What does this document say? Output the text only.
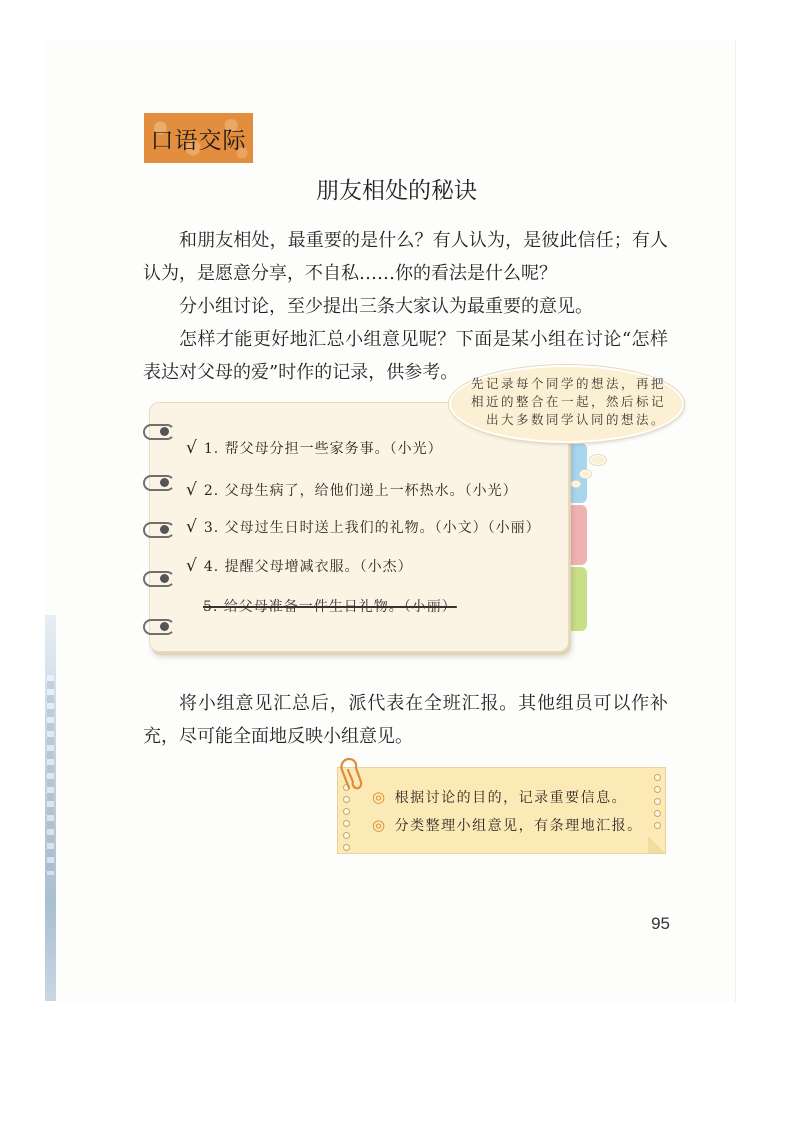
口语交际
朋友相处的秘诀
和朋友相处，最重要的是什么？有人认为，是彼此信任；有人认为，是愿意分享，不自私……你的看法是什么呢？
分小组讨论，至少提出三条大家认为最重要的意见。
怎样才能更好地汇总小组意见呢？下面是某小组在讨论“怎样表达对父母的爱”时作的记录，供参考。
√ 1. 帮父母分担一些家务事。（小光）
√ 2. 父母生病了，给他们递上一杯热水。（小光）
√ 3. 父母过生日时送上我们的礼物。（小文）（小丽）
√ 4. 提醒父母增减衣服。（小杰）
5. 给父母准备一件生日礼物。（小丽）
先记录每个同学的想法，再把相近的整合在一起，然后标记出大多数同学认同的想法。
将小组意见汇总后，派代表在全班汇报。其他组员可以作补充，尽可能全面地反映小组意见。
◎ 根据讨论的目的，记录重要信息。
◎ 分类整理小组意见，有条理地汇报。
95
